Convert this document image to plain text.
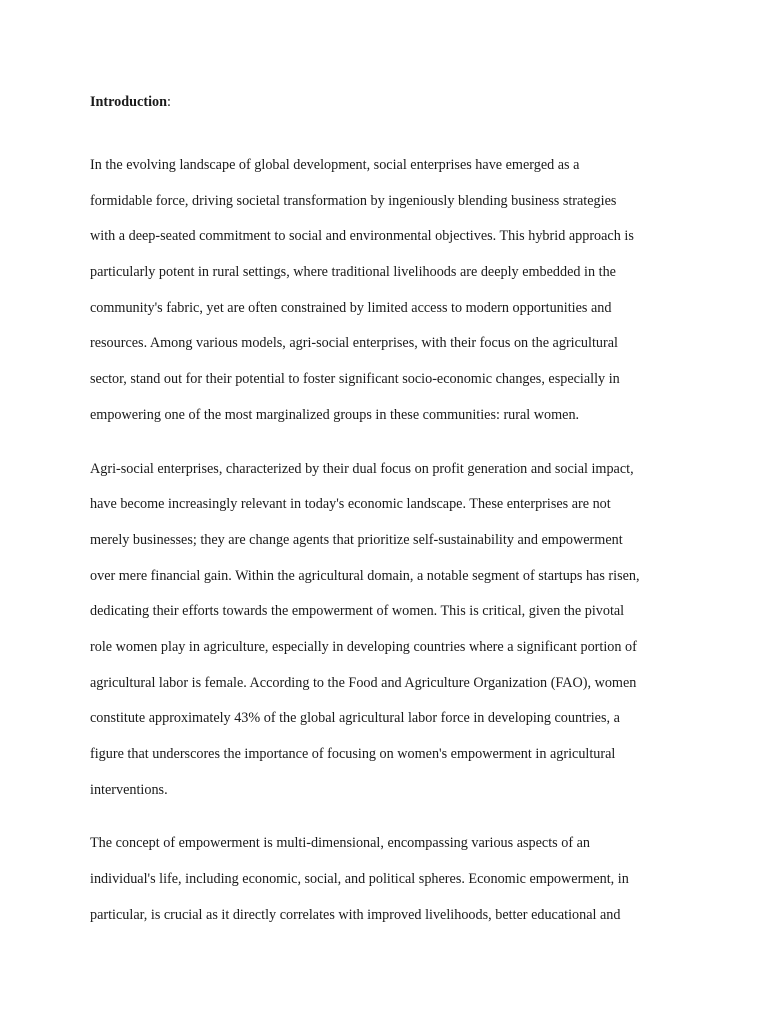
Introduction:

In the evolving landscape of global development, social enterprises have emerged as a
formidable force, driving societal transformation by ingeniously blending business strategies
with a deep-seated commitment to social and environmental objectives. This hybrid approach is
particularly potent in rural settings, where traditional livelihoods are deeply embedded in the
community's fabric, yet are often constrained by limited access to modern opportunities and
resources. Among various models, agri-social enterprises, with their focus on the agricultural
sector, stand out for their potential to foster significant socio-economic changes, especially in
empowering one of the most marginalized groups in these communities: rural women.

Agri-social enterprises, characterized by their dual focus on profit generation and social impact,
have become increasingly relevant in today's economic landscape. These enterprises are not
merely businesses; they are change agents that prioritize self-sustainability and empowerment
over mere financial gain. Within the agricultural domain, a notable segment of startups has risen,
dedicating their efforts towards the empowerment of women. This is critical, given the pivotal
role women play in agriculture, especially in developing countries where a significant portion of
agricultural labor is female. According to the Food and Agriculture Organization (FAO), women
constitute approximately 43% of the global agricultural labor force in developing countries, a
figure that underscores the importance of focusing on women's empowerment in agricultural
interventions.

The concept of empowerment is multi-dimensional, encompassing various aspects of an
individual's life, including economic, social, and political spheres. Economic empowerment, in
particular, is crucial as it directly correlates with improved livelihoods, better educational and
